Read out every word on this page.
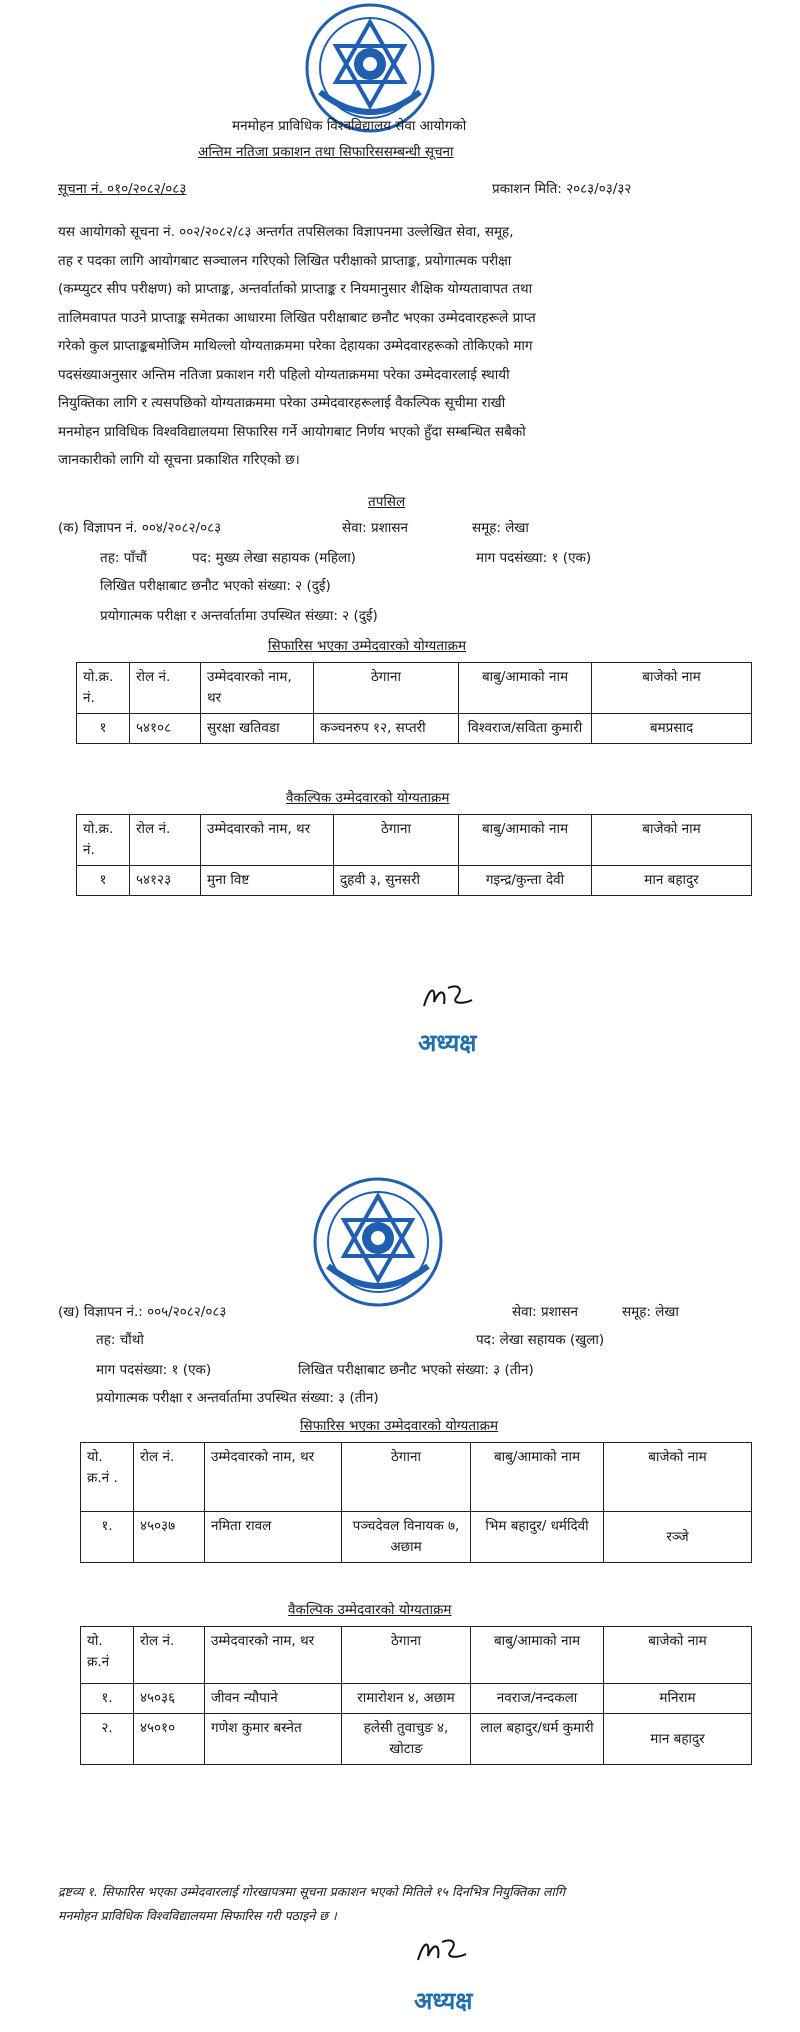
मनमोहन प्राविधिक विश्वविद्यालय सेवा आयोगको
अन्तिम नतिजा प्रकाशन तथा सिफारिससम्बन्धी सूचना
सूचना नं. ०१०/२०८२/०८३	प्रकाशन मिति: २०८३/०३/३२
यस आयोगको सूचना नं. ००२/२०८२/८३ अन्तर्गत तपसिलका विज्ञापनमा उल्लेखित सेवा, समूह,
तह र पदका लागि आयोगबाट सञ्चालन गरिएको लिखित परीक्षाको प्राप्ताङ्क, प्रयोगात्मक परीक्षा
(कम्प्युटर सीप परीक्षण) को प्राप्ताङ्क, अन्तर्वार्ताको प्राप्ताङ्क र नियमानुसार शैक्षिक योग्यतावापत तथा
तालिमवापत पाउने प्राप्ताङ्क समेतका आधारमा लिखित परीक्षाबाट छनौट भएका उम्मेदवारहरूले प्राप्त
गरेको कुल प्राप्ताङ्कबमोजिम माथिल्लो योग्यताक्रममा परेका देहायका उम्मेदवारहरूको तोकिएको माग
पदसंख्याअनुसार अन्तिम नतिजा प्रकाशन गरी पहिलो योग्यताक्रममा परेका उम्मेदवारलाई स्थायी
नियुक्तिका लागि र त्यसपछिको योग्यताक्रममा परेका उम्मेदवारहरूलाई वैकल्पिक सूचीमा राखी
मनमोहन प्राविधिक विश्वविद्यालयमा सिफारिस गर्ने आयोगबाट निर्णय भएको हुँदा सम्बन्धित सबैको
जानकारीको लागि यो सूचना प्रकाशित गरिएको छ।
तपसिल
(क) विज्ञापन नं. ००४/२०८२/०८३	सेवा: प्रशासन	समूह: लेखा
तह: पाँचौं	पद: मुख्य लेखा सहायक (महिला)	माग पदसंख्या: १ (एक)
लिखित परीक्षाबाट छनौट भएको संख्या: २ (दुई)
प्रयोगात्मक परीक्षा र अन्तर्वार्तामा उपस्थित संख्या: २ (दुई)
सिफारिस भएका उम्मेदवारको योग्यताक्रम
यो.क्र. नं.	रोल नं.	उम्मेदवारको नाम, थर	ठेगाना	बाबु/आमाको नाम	बाजेको नाम
१	५४१०८	सुरक्षा खतिवडा	कञ्चनरुप १२, सप्तरी	विश्वराज/सविता कुमारी	बमप्रसाद
वैकल्पिक उम्मेदवारको योग्यताक्रम
यो.क्र. नं.	रोल नं.	उम्मेदवारको नाम, थर	ठेगाना	बाबु/आमाको नाम	बाजेको नाम
१	५४१२३	मुना विष्ट	दुहवी ३, सुनसरी	गइन्द्र/कुन्ता देवी	मान बहादुर
अध्यक्ष
(ख) विज्ञापन नं.: ००५/२०८२/०८३	सेवा: प्रशासन	समूह: लेखा
तह: चौंथो	पद: लेखा सहायक (खुला)
माग पदसंख्या: १ (एक)	लिखित परीक्षाबाट छनौट भएको संख्या: ३ (तीन)
प्रयोगात्मक परीक्षा र अन्तर्वार्तामा उपस्थित संख्या: ३ (तीन)
सिफारिस भएका उम्मेदवारको योग्यताक्रम
यो. क्र.नं .	रोल नं.	उम्मेदवारको नाम, थर	ठेगाना	बाबु/आमाको नाम	बाजेको नाम
१.	४५०३७	नमिता रावल	पञ्चदेवल विनायक ७, अछाम	भिम बहादुर/ धर्मदिवी	रञ्जे
वैकल्पिक उम्मेदवारको योग्यताक्रम
यो. क्र.नं	रोल नं.	उम्मेदवारको नाम, थर	ठेगाना	बाबु/आमाको नाम	बाजेको नाम
१.	४५०३६	जीवन न्यौपाने	रामारोशन ४, अछाम	नवराज/नन्दकला	मनिराम
२.	४५०१०	गणेश कुमार बस्नेत	हलेसी तुवाचुङ ४, खोटाङ	लाल बहादुर/धर्म कुमारी	मान बहादुर
द्रष्टव्य १. सिफारिस भएका उम्मेदवारलाई गोरखापत्रमा सूचना प्रकाशन भएको मितिले १५ दिनभित्र नियुक्तिका लागि
मनमोहन प्राविधिक विश्वविद्यालयमा सिफारिस गरी पठाइने छ ।
अध्यक्ष
